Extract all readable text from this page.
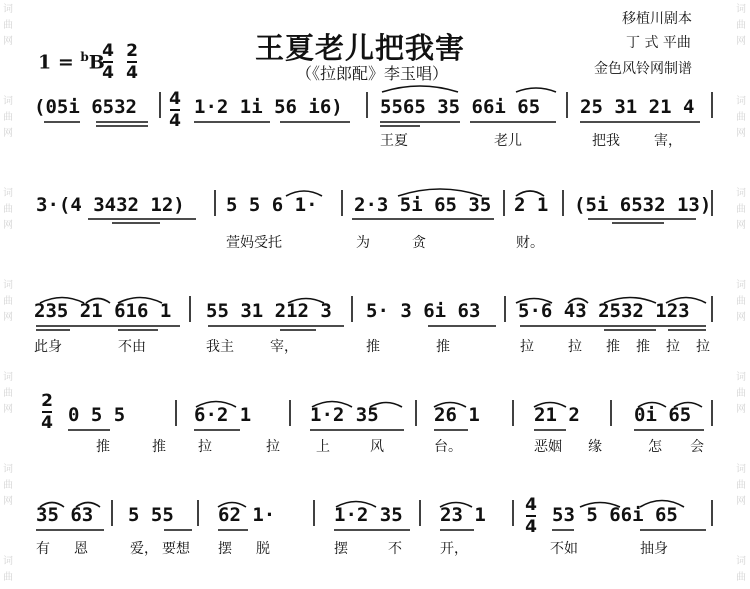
词
曲
网
词
曲
网
词
曲
网
词
曲
网
词
曲
网
词
曲
网
词
曲
词
曲
网
词
曲
网
词
曲
网
词
曲
网
词
曲
网
词
曲
网
词
曲
王夏老儿把我害
（《拉郎配》李玉唱）
移植川剧本
丁 式 平曲
金色风铃网制谱
1 = $^b$B
4
4
2
4
(05i 6532 4
4
1·2 1i 56 i6) 5565 35 66i 65 25 31 21 4
王夏	老儿	把我 害，
3·(4 3432 12) 5 5 6 1· 2·3 5i 65 35 2 1 (5i 6532 13)
萱妈受托	为	贪	财。
235 21 616 1 55 31 212 3 5· 3 6i 63 5·6 43 2532 123
此身	不由	我主	宰，	推	推	拉 拉 推 推 拉 拉
2
4 0 5 5	6·2 1	1·2 35	26 1	21 2	0i 65
推	推 拉	拉	上	风	台。	恶姻 缘	怎 会
35 63 5 55 62 1·	1·2 35 23 1 4
4
53 5 66i 65
有 恩	爱， 要想 摆 脱	摆	不	开，	不如	抽身
